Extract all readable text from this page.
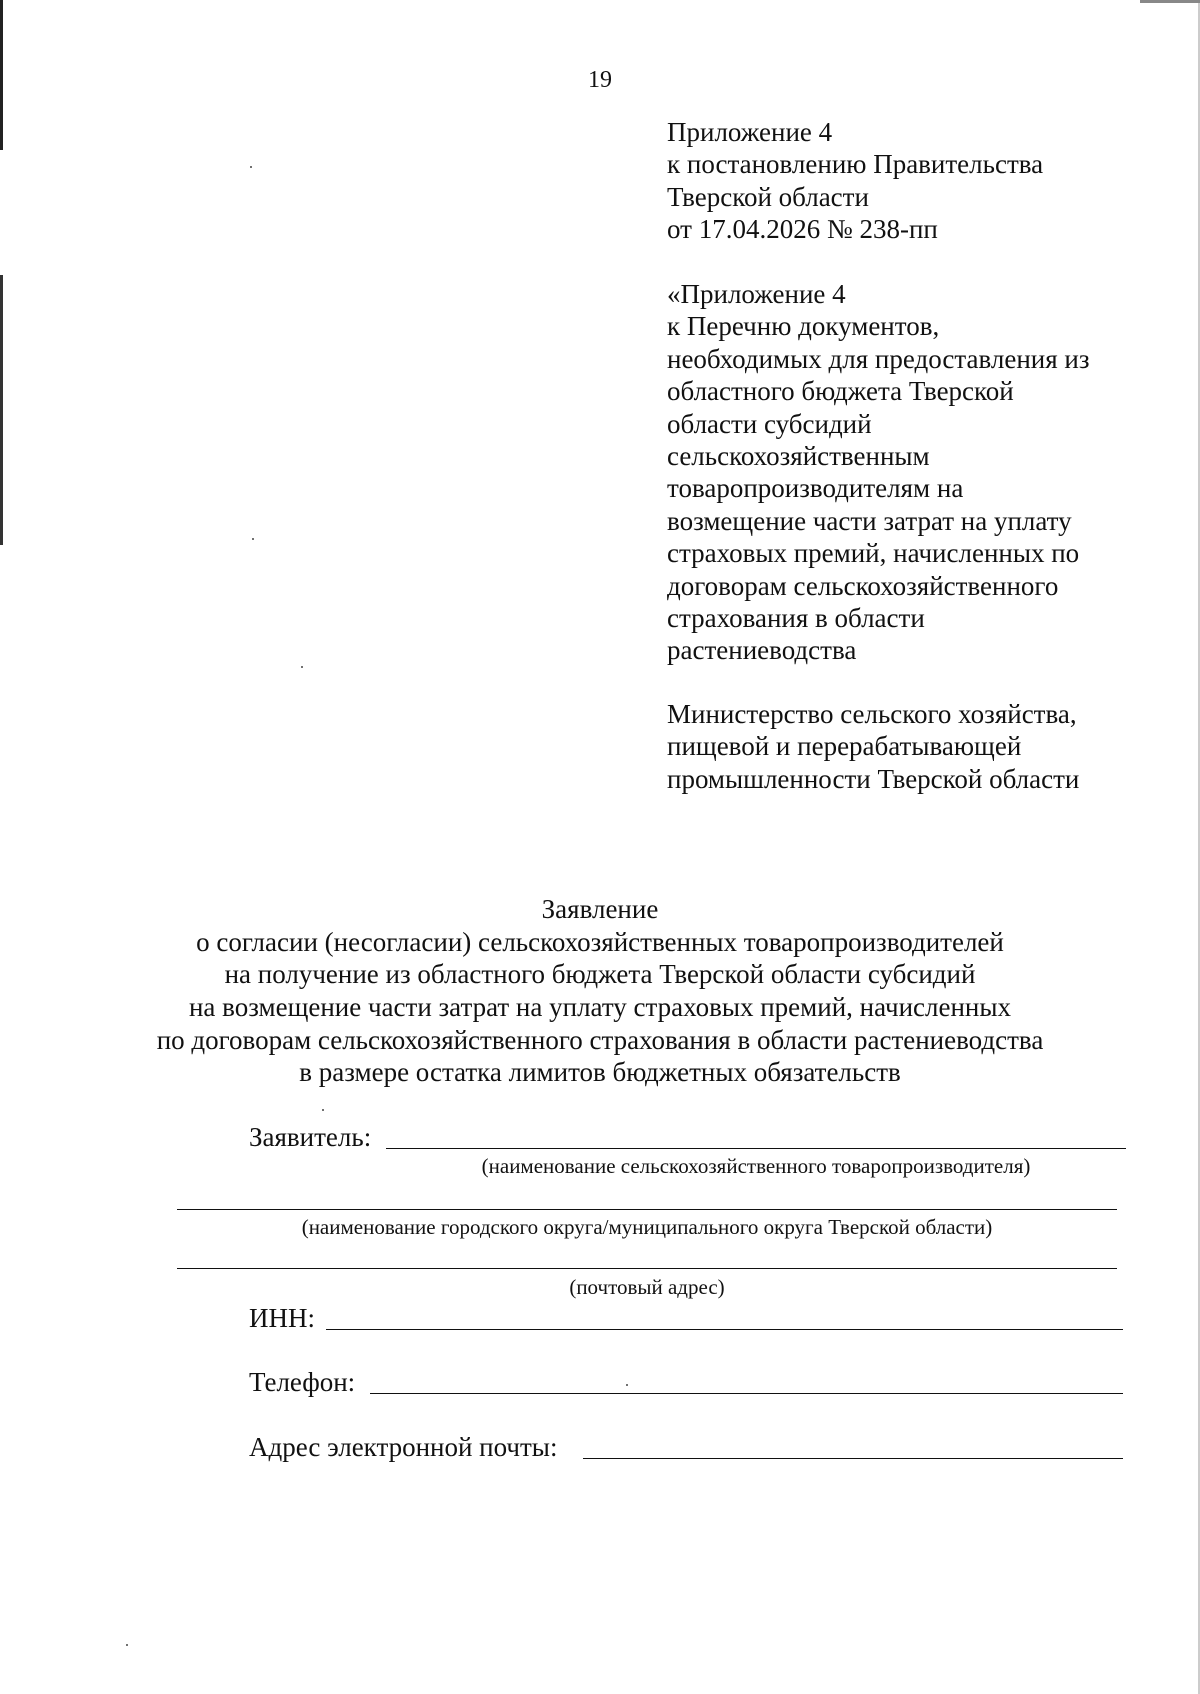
19
Приложение 4
к постановлению Правительства
Тверской области
от 17.04.2026 № 238-пп
«Приложение 4
к Перечню документов,
необходимых для предоставления из
областного бюджета Тверской
области субсидий
сельскохозяйственным
товаропроизводителям на
возмещение части затрат на уплату
страховых премий, начисленных по
договорам сельскохозяйственного
страхования в области
растениеводства
Министерство сельского хозяйства,
пищевой и перерабатывающей
промышленности Тверской области
Заявление
о согласии (несогласии) сельскохозяйственных товаропроизводителей
на получение из областного бюджета Тверской области субсидий
на возмещение части затрат на уплату страховых премий, начисленных
по договорам сельскохозяйственного страхования в области растениеводства
в размере остатка лимитов бюджетных обязательств
Заявитель:
(наименование сельскохозяйственного товаропроизводителя)
(наименование городского округа/муниципального округа Тверской области)
(почтовый адрес)
ИНН:
Телефон:
Адрес электронной почты:
